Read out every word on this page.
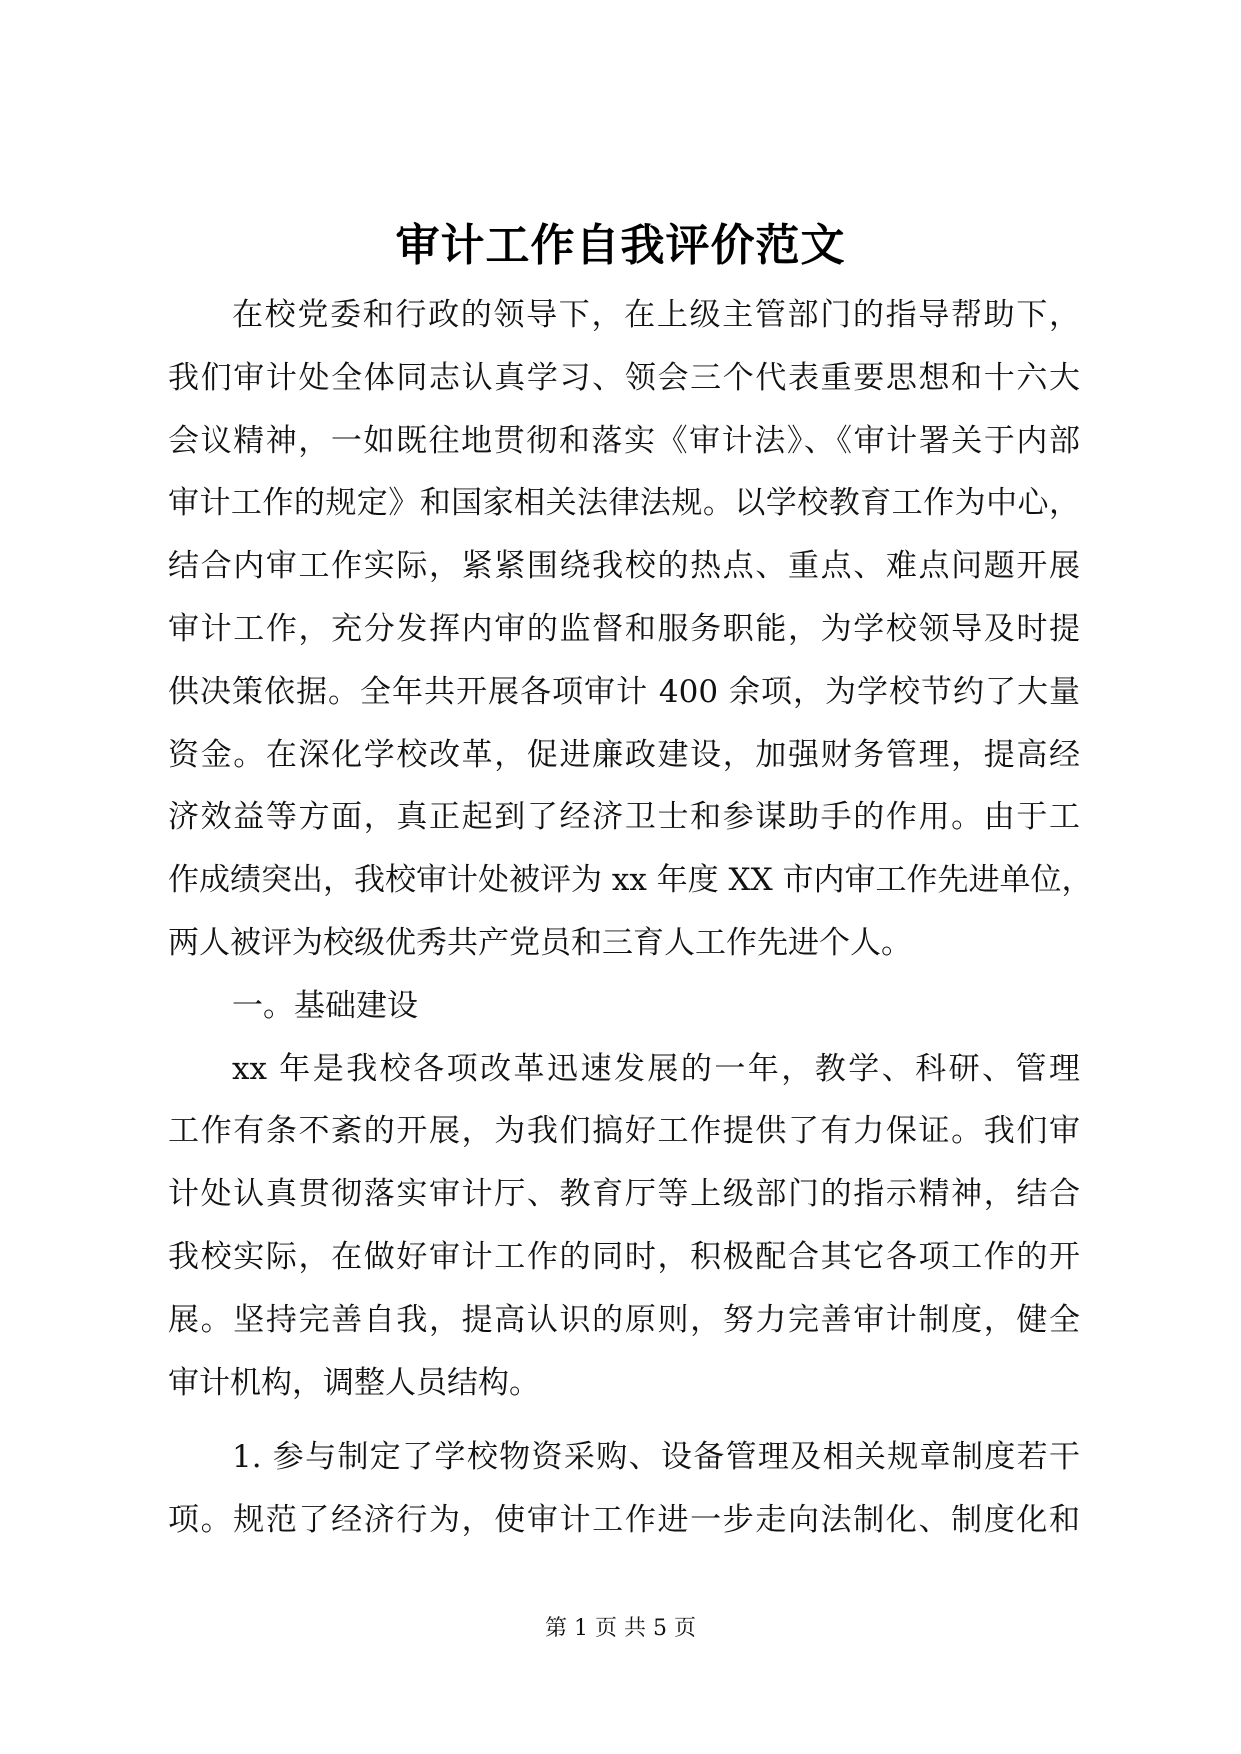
审计工作自我评价范文
在校党委和行政的领导下，在上级主管部门的指导帮助下，
我们审计处全体同志认真学习、领会三个代表重要思想和十六大
会议精神，一如既往地贯彻和落实《审计法》、《审计署关于内部
审计工作的规定》和国家相关法律法规。以学校教育工作为中心，
结合内审工作实际，紧紧围绕我校的热点、重点、难点问题开展
审计工作，充分发挥内审的监督和服务职能，为学校领导及时提
供决策依据。全年共开展各项审计 400 余项，为学校节约了大量
资金。在深化学校改革，促进廉政建设，加强财务管理，提高经
济效益等方面，真正起到了经济卫士和参谋助手的作用。由于工
作成绩突出，我校审计处被评为 xx 年度 XX 市内审工作先进单位，
两人被评为校级优秀共产党员和三育人工作先进个人。
一。基础建设
xx 年是我校各项改革迅速发展的一年，教学、科研、管理
工作有条不紊的开展，为我们搞好工作提供了有力保证。我们审
计处认真贯彻落实审计厅、教育厅等上级部门的指示精神，结合
我校实际，在做好审计工作的同时，积极配合其它各项工作的开
展。坚持完善自我，提高认识的原则，努力完善审计制度，健全
审计机构，调整人员结构。
1. 参与制定了学校物资采购、设备管理及相关规章制度若干
项。规范了经济行为，使审计工作进一步走向法制化、制度化和
第 1 页 共 5 页
